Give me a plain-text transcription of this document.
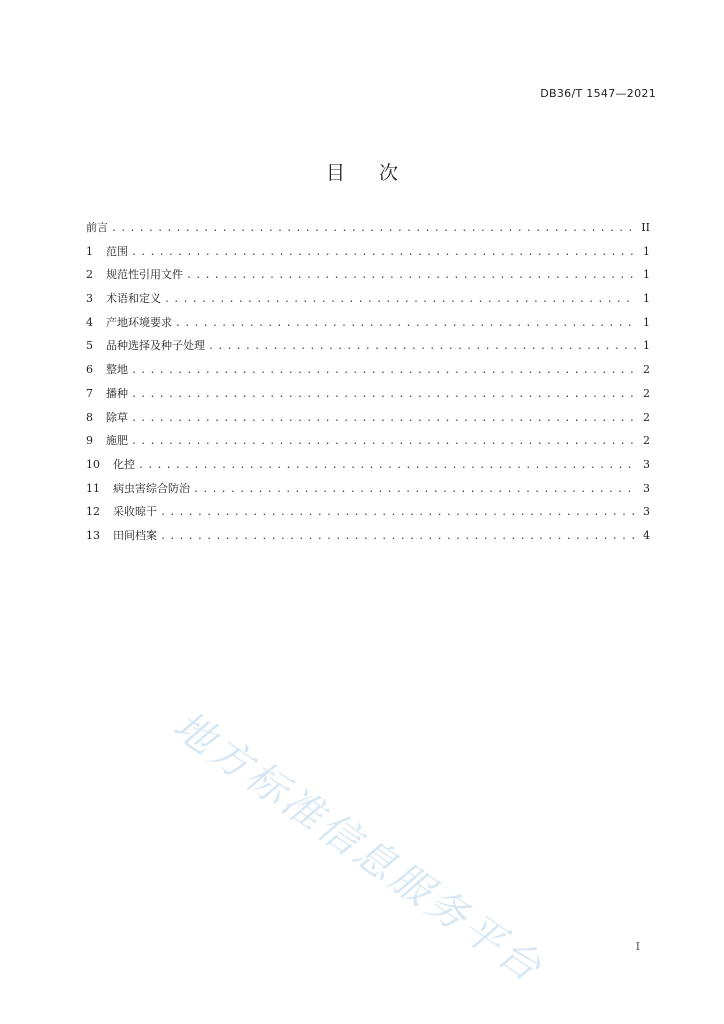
DB36/T 1547—2021
目次
前言 .....	II
1	范围 .....	1
2	规范性引用文件 .....	1
3	术语和定义 .....	1
4	产地环境要求 .....	1
5	品种选择及种子处理 .....	1
6	整地 .....	2
7	播种 .....	2
8	除草 .....	2
9	施肥 .....	2
10	化控 .....	3
11	病虫害综合防治 .....	3
12	采收晾干 .....	3
13	田间档案 .....	4
地方标准信息服务平台	I
